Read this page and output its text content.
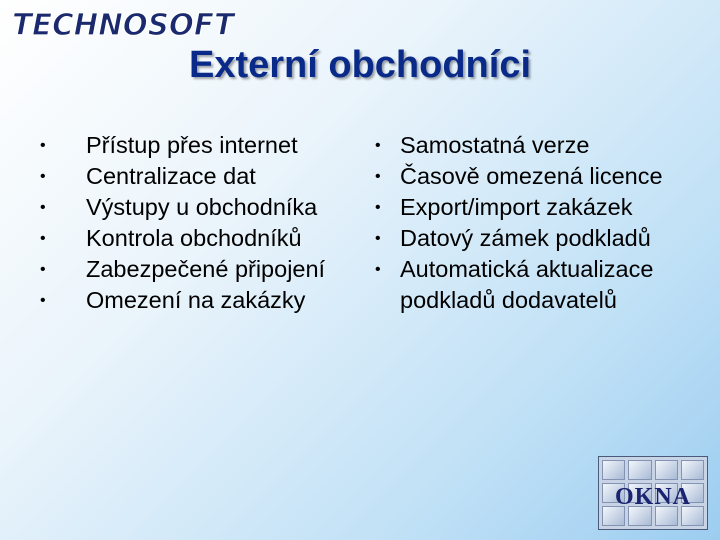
TECHNOSOFT
Externí obchodníci
• Přístup přes internet
• Centralizace dat
• Výstupy u obchodníka
• Kontrola obchodníků
• Zabezpečené připojení
• Omezení na zakázky
• Samostatná verze
• Časově omezená licence
• Export/import zakázek
• Datový zámek podkladů
• Automatická aktualizace podkladů dodavatelů
OKNA
